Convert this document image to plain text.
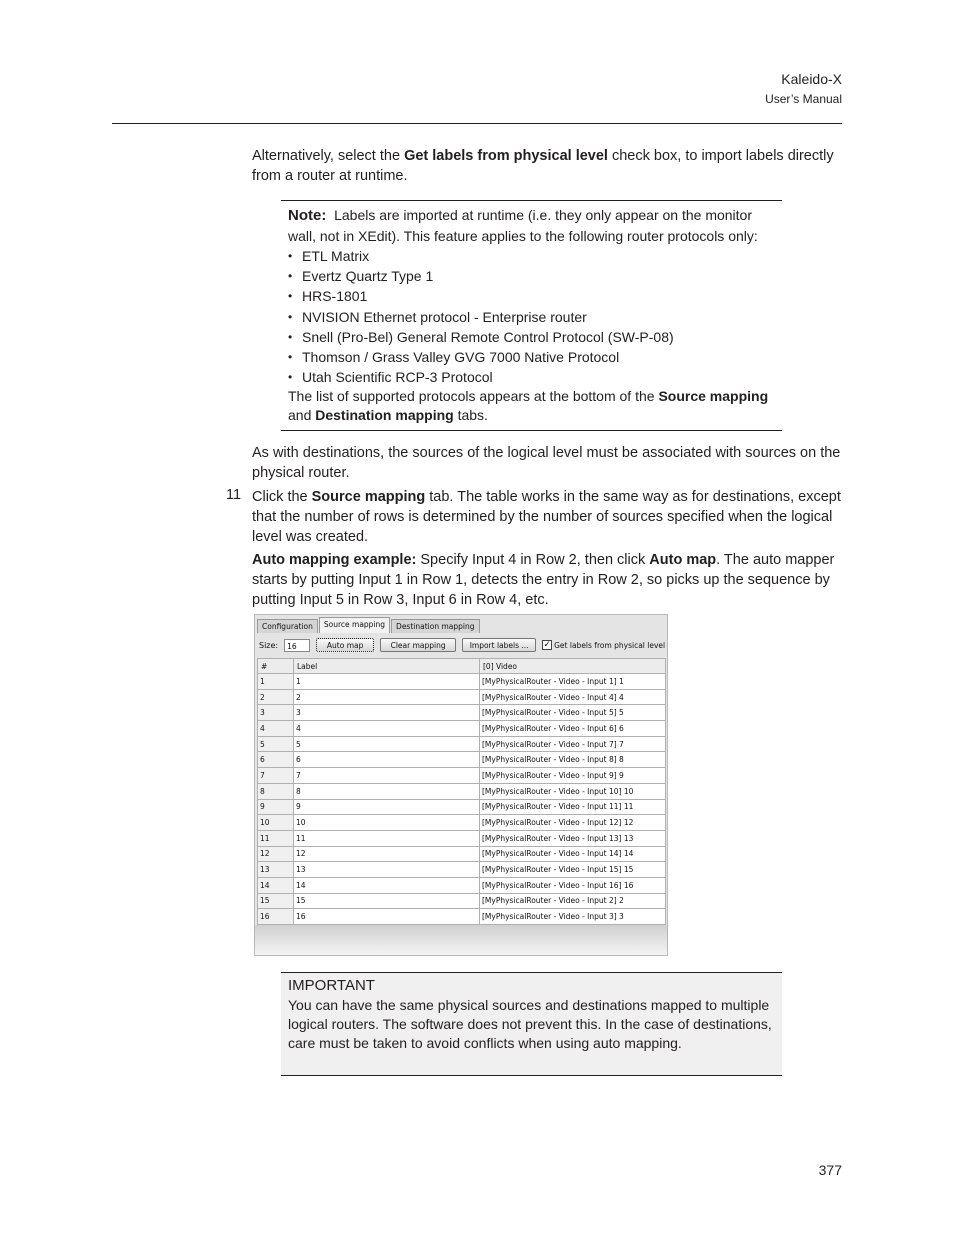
Kaleido-X
User’s Manual
Alternatively, select the Get labels from physical level check box, to import labels directly from a router at runtime.
Note: Labels are imported at runtime (i.e. they only appear on the monitor wall, not in XEdit). This feature applies to the following router protocols only:
• ETL Matrix
• Evertz Quartz Type 1
• HRS-1801
• NVISION Ethernet protocol - Enterprise router
• Snell (Pro-Bel) General Remote Control Protocol (SW-P-08)
• Thomson / Grass Valley GVG 7000 Native Protocol
• Utah Scientific RCP-3 Protocol
The list of supported protocols appears at the bottom of the Source mapping and Destination mapping tabs.
As with destinations, the sources of the logical level must be associated with sources on the physical router.
11 Click the Source mapping tab. The table works in the same way as for destinations, except that the number of rows is determined by the number of sources specified when the logical level was created.
Auto mapping example: Specify Input 4 in Row 2, then click Auto map. The auto mapper starts by putting Input 1 in Row 1, detects the entry in Row 2, so picks up the sequence by putting Input 5 in Row 3, Input 6 in Row 4, etc.
Configuration	Source mapping	Destination mapping
Size:	16	Auto map	Clear mapping	Import labels ...	✓ Get labels from physical level
#	Label	[0] Video
1	1	[MyPhysicalRouter - Video - Input 1] 1
2	2	[MyPhysicalRouter - Video - Input 4] 4
3	3	[MyPhysicalRouter - Video - Input 5] 5
4	4	[MyPhysicalRouter - Video - Input 6] 6
5	5	[MyPhysicalRouter - Video - Input 7] 7
6	6	[MyPhysicalRouter - Video - Input 8] 8
7	7	[MyPhysicalRouter - Video - Input 9] 9
8	8	[MyPhysicalRouter - Video - Input 10] 10
9	9	[MyPhysicalRouter - Video - Input 11] 11
10	10	[MyPhysicalRouter - Video - Input 12] 12
11	11	[MyPhysicalRouter - Video - Input 13] 13
12	12	[MyPhysicalRouter - Video - Input 14] 14
13	13	[MyPhysicalRouter - Video - Input 15] 15
14	14	[MyPhysicalRouter - Video - Input 16] 16
15	15	[MyPhysicalRouter - Video - Input 2] 2
16	16	[MyPhysicalRouter - Video - Input 3] 3
IMPORTANT
You can have the same physical sources and destinations mapped to multiple logical routers. The software does not prevent this. In the case of destinations, care must be taken to avoid conflicts when using auto mapping.
377
